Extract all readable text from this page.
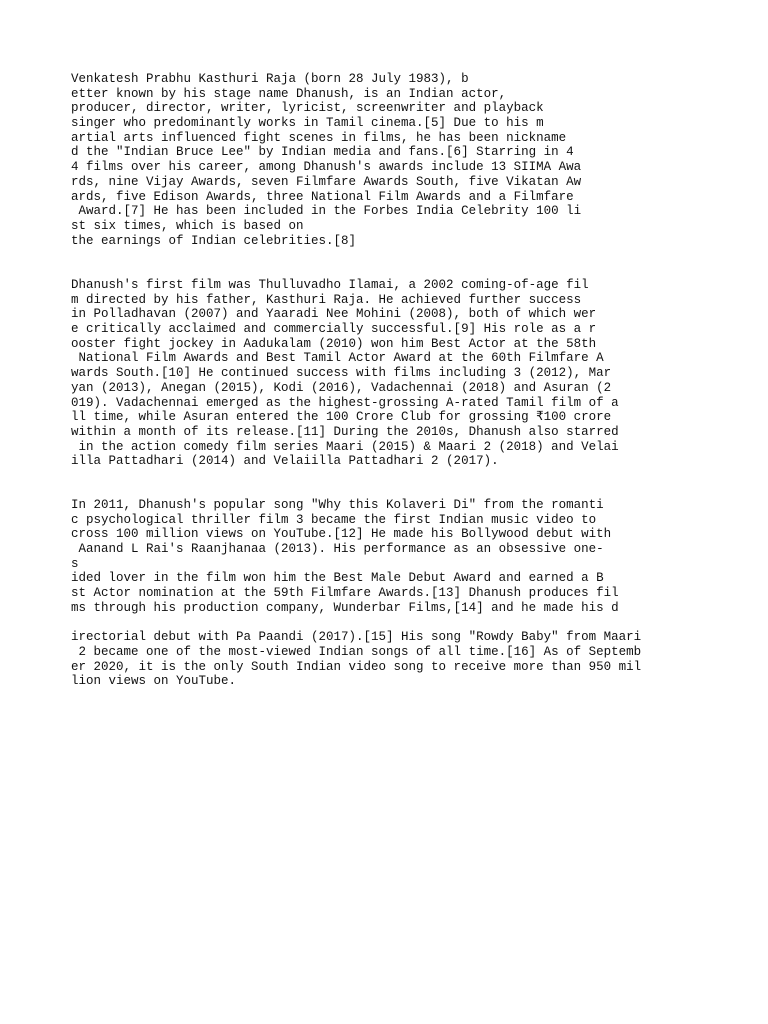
Venkatesh Prabhu Kasthuri Raja (born 28 July 1983), b
etter known by his stage name Dhanush, is an Indian actor,
producer, director, writer, lyricist, screenwriter and playback
singer who predominantly works in Tamil cinema.[5] Due to his m
artial arts influenced fight scenes in films, he has been nickname
d the "Indian Bruce Lee" by Indian media and fans.[6] Starring in 4
4 films over his career, among Dhanush's awards include 13 SIIMA Awa
rds, nine Vijay Awards, seven Filmfare Awards South, five Vikatan Aw
ards, five Edison Awards, three National Film Awards and a Filmfare
Award.[7] He has been included in the Forbes India Celebrity 100 li
st six times, which is based on
the earnings of Indian celebrities.[8]
Dhanush's first film was Thulluvadho Ilamai, a 2002 coming-of-age fil
m directed by his father, Kasthuri Raja. He achieved further success
in Polladhavan (2007) and Yaaradi Nee Mohini (2008), both of which wer
e critically acclaimed and commercially successful.[9] His role as a r
ooster fight jockey in Aadukalam (2010) won him Best Actor at the 58th
National Film Awards and Best Tamil Actor Award at the 60th Filmfare A
wards South.[10] He continued success with films including 3 (2012), Mar
yan (2013), Anegan (2015), Kodi (2016), Vadachennai (2018) and Asuran (2
019). Vadachennai emerged as the highest-grossing A-rated Tamil film of a
ll time, while Asuran entered the 100 Crore Club for grossing ₹100 crore
within a month of its release.[11] During the 2010s, Dhanush also starred
in the action comedy film series Maari (2015) & Maari 2 (2018) and Velai
illa Pattadhari (2014) and Velaiilla Pattadhari 2 (2017).
In 2011, Dhanush's popular song "Why this Kolaveri Di" from the romanti
c psychological thriller film 3 became the first Indian music video to
cross 100 million views on YouTube.[12] He made his Bollywood debut with
Aanand L Rai's Raanjhanaa (2013). His performance as an obsessive one-
s
ided lover in the film won him the Best Male Debut Award and earned a B
st Actor nomination at the 59th Filmfare Awards.[13] Dhanush produces fil
ms through his production company, Wunderbar Films,[14] and he made his d
irectorial debut with Pa Paandi (2017).[15] His song "Rowdy Baby" from Maari
2 became one of the most-viewed Indian songs of all time.[16] As of Septemb
er 2020, it is the only South Indian video song to receive more than 950 mil
lion views on YouTube.
